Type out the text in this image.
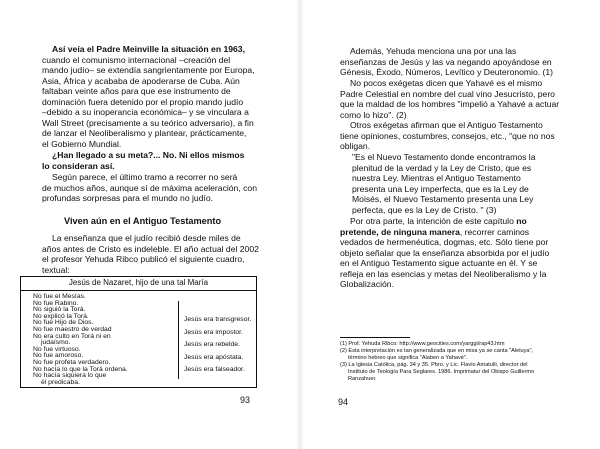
Así veía el Padre Meinville la situación en 1963,
cuando el comunismo internacional –creación del
mando judío– se extendía sangrientamente por Europa,
Asia, África y acababa de apoderarse de Cuba. Aún
faltaban veinte años para que ese instrumento de
dominación fuera detenido por el propio mando judío
–debido a su inoperancia económica– y se vinculara a
Wall Street (precisamente a su teórico adversario), a fin
de lanzar el Neoliberalismo y plantear, prácticamente,
el Gobierno Mundial.
¿Han llegado a su meta?... No. Ni ellos mismos
lo consideran así.
Según parece, el último tramo a recorrer no será
de muchos años, aunque sí de máxima aceleración, con
profundas sorpresas para el mundo no judío.
Viven aún en el Antiguo Testamento
La enseñanza que el judío recibió desde miles de
años antes de Cristo es indeleble. El año actual del 2002
el profesor Yehuda Ribco publicó el siguiente cuadro,
textual:
Jesús de Nazaret, hijo de una tal María
No fue el Mesías.
No fue Rabino.
No siguió la Torá.
No explicó la Torá.
No fue Hijo de Dios.
No fue maestro de verdad
No era culto en Torá ni en
judaísmo.
No fue virtuoso.
No fue amoroso.
No fue profeta verdadero.
No hacía lo que la Torá ordena.
No hacía siquiera lo que
él predicaba.
Jesús era transgresor.
Jesús era impostor.
Jesús era rebelde.
Jesús era apóstata.
Jesús era falseador.
93
Además, Yehuda menciona una por una las
enseñanzas de Jesús y las va negando apoyándose en
Génesis, Éxodo, Números, Levítico y Deuteronomio. (1)
No pocos exégetas dicen que Yahavé es el mismo
Padre Celestial en nombre del cual vino Jesucristo, pero
que la maldad de los hombres "impelió a Yahavé a actuar
como lo hizo". (2)
Otros exégetas afirman que el Antiguo Testamento
tiene opiniones, costumbres, consejos, etc., "que no nos
obligan.
"Es el Nuevo Testamento donde encontramos la
plenitud de la verdad y la Ley de Cristo, que es
nuestra Ley. Mientras el Antiguo Testamento
presenta una Ley imperfecta, que es la Ley de
Moisés, el Nuevo Testamento presenta una Ley
perfecta, que es la Ley de Cristo. " (3)
Por otra parte, la intención de este capítulo no
pretende, de ninguna manera, recorrer caminos
vedados de hermenéutica, dogmas, etc. Sólo tiene por
objeto señalar que la enseñanza absorbida por el judío
en el Antiguo Testamento sigue actuante en él. Y se
refleja en las esencias y metas del Neoliberalismo y la
Globalización.
(1) Prof. Yehuda Ribco: http://www.geocities.com/yarggi/rap43.htm
(2) Esta interpretación es tan generalizada que en misa ya se canta "Aleluya",
término hebreo que significa "Alaben a Yahavé".
(3) La Iglesia Católica, pág. 34 y 35. Pbro. y Lic. Flavio Amatulli, director del
Instituto de Teología Para Seglares. 1986. Imprimatur del Obispo Guillermo
Ranzahuer.
94
